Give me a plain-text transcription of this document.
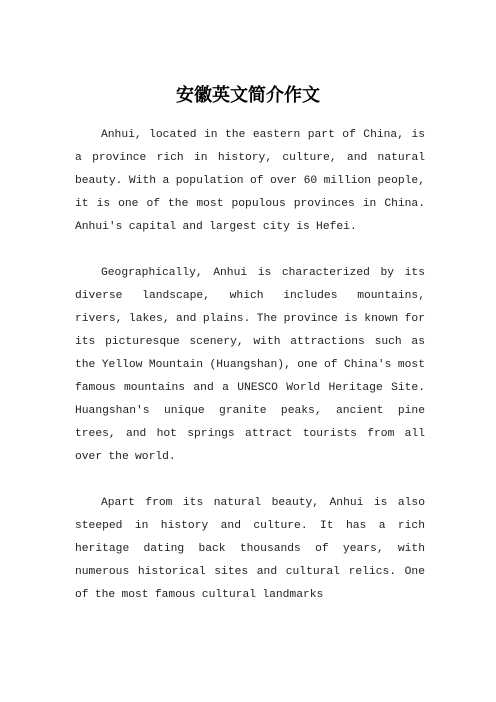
安徽英文简介作文

Anhui, located in the eastern part of China, is a province rich in history, culture, and natural beauty. With a population of over 60 million people, it is one of the most populous provinces in China. Anhui's capital and largest city is Hefei.

Geographically, Anhui is characterized by its diverse landscape, which includes mountains, rivers, lakes, and plains. The province is known for its picturesque scenery, with attractions such as the Yellow Mountain (Huangshan), one of China's most famous mountains and a UNESCO World Heritage Site. Huangshan's unique granite peaks, ancient pine trees, and hot springs attract tourists from all over the world.

Apart from its natural beauty, Anhui is also steeped in history and culture. It has a rich heritage dating back thousands of years, with numerous historical sites and cultural relics. One of the most famous cultural landmarks
